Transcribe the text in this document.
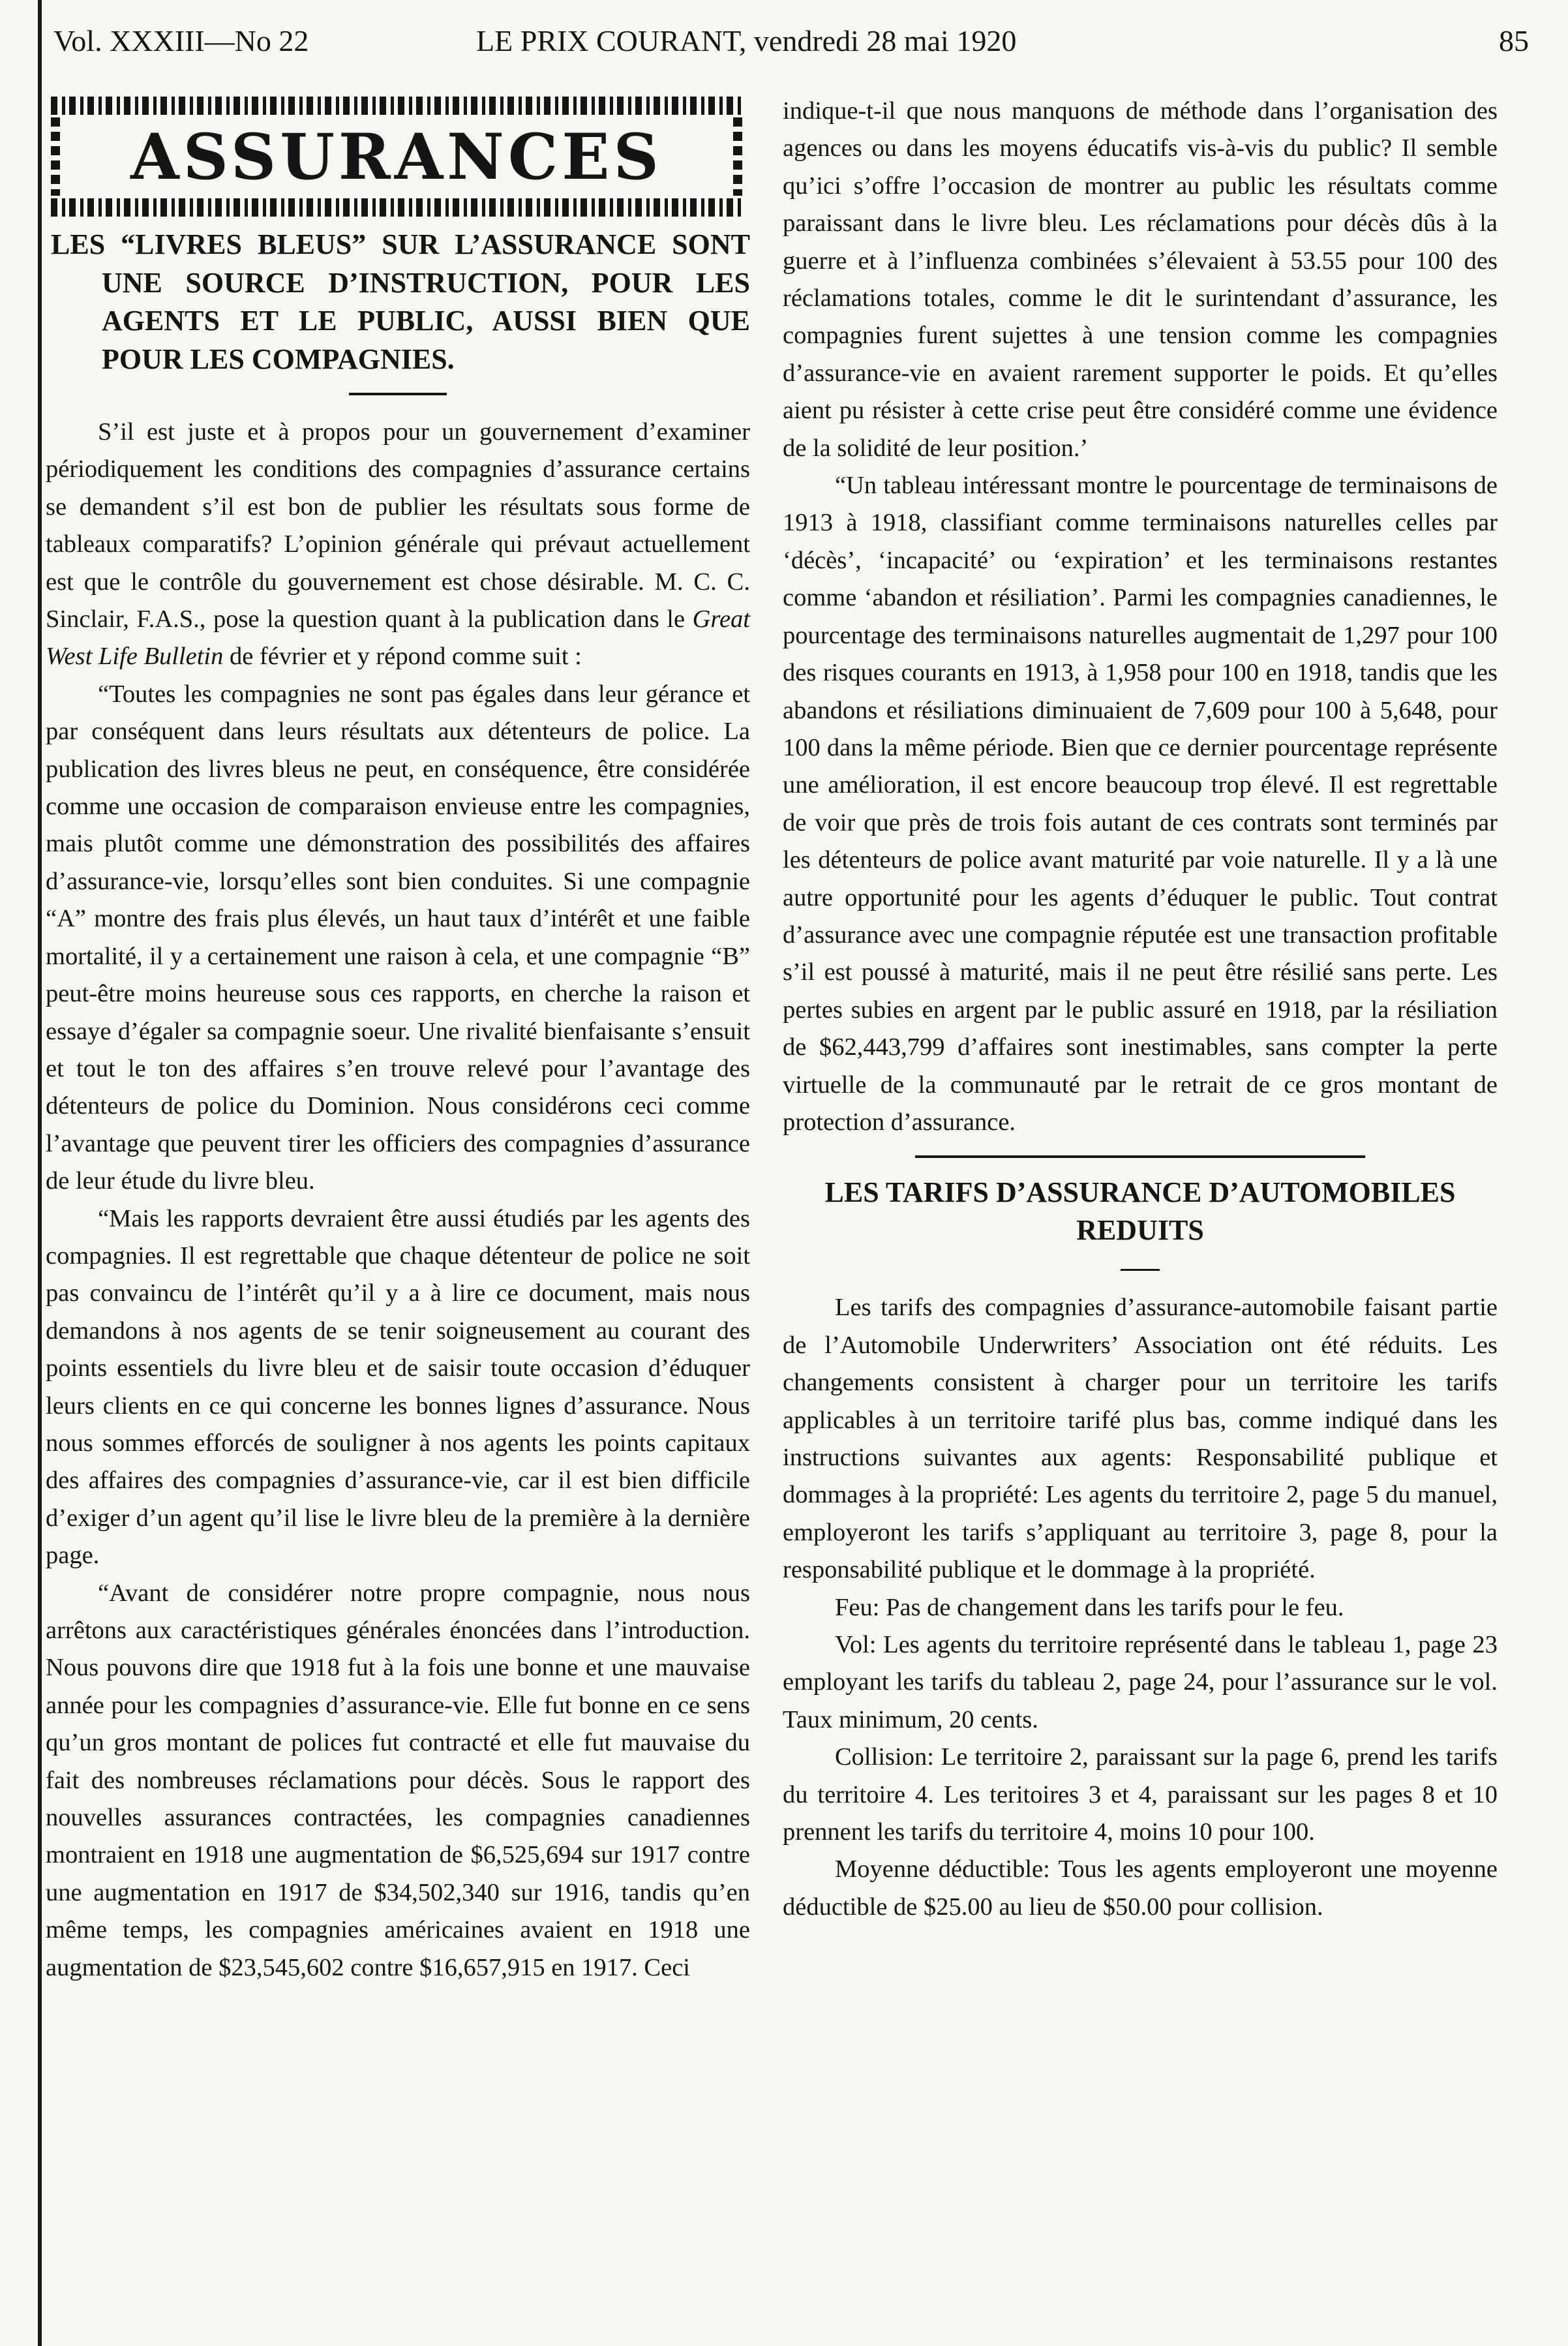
Vol. XXXIII—No 22	LE PRIX COURANT, vendredi 28 mai 1920	85
ASSURANCES
LES “LIVRES BLEUS” SUR L’ASSURANCE SONT UNE SOURCE D’INSTRUCTION, POUR LES AGENTS ET LE PUBLIC, AUSSI BIEN QUE POUR LES COMPAGNIES.

S’il est juste et à propos pour un gouvernement d’examiner périodiquement les conditions des compagnies d’assurance certains se demandent s’il est bon de publier les résultats sous forme de tableaux comparatifs? L’opinion générale qui prévaut actuellement est que le contrôle du gouvernement est chose désirable. M. C. C. Sinclair, F.A.S., pose la question quant à la publication dans le Great West Life Bulletin de février et y répond comme suit :

“Toutes les compagnies ne sont pas égales dans leur gérance et par conséquent dans leurs résultats aux détenteurs de police. La publication des livres bleus ne peut, en conséquence, être considérée comme une occasion de comparaison envieuse entre les compagnies, mais plutôt comme une démonstration des possibilités des affaires d’assurance-vie, lorsqu’elles sont bien conduites. Si une compagnie “A” montre des frais plus élevés, un haut taux d’intérêt et une faible mortalité, il y a certainement une raison à cela, et une compagnie “B” peut-être moins heureuse sous ces rapports, en cherche la raison et essaye d’égaler sa compagnie soeur. Une rivalité bienfaisante s’ensuit et tout le ton des affaires s’en trouve relevé pour l’avantage des détenteurs de police du Dominion. Nous considérons ceci comme l’avantage que peuvent tirer les officiers des compagnies d’assurance de leur étude du livre bleu.

“Mais les rapports devraient être aussi étudiés par les agents des compagnies. Il est regrettable que chaque détenteur de police ne soit pas convaincu de l’intérêt qu’il y a à lire ce document, mais nous demandons à nos agents de se tenir soigneusement au courant des points essentiels du livre bleu et de saisir toute occasion d’éduquer leurs clients en ce qui concerne les bonnes lignes d’assurance. Nous nous sommes efforcés de souligner à nos agents les points capitaux des affaires des compagnies d’assurance-vie, car il est bien difficile d’exiger d’un agent qu’il lise le livre bleu de la première à la dernière page.

“Avant de considérer notre propre compagnie, nous nous arrêtons aux caractéristiques générales énoncées dans l’introduction. Nous pouvons dire que 1918 fut à la fois une bonne et une mauvaise année pour les compagnies d’assurance-vie. Elle fut bonne en ce sens qu’un gros montant de polices fut contracté et elle fut mauvaise du fait des nombreuses réclamations pour décès. Sous le rapport des nouvelles assurances contractées, les compagnies canadiennes montraient en 1918 une augmentation de $6,525,694 sur 1917 contre une augmentation en 1917 de $34,502,340 sur 1916, tandis qu’en même temps, les compagnies américaines avaient en 1918 une augmentation de $23,545,602 contre $16,657,915 en 1917. Ceci

indique-t-il que nous manquons de méthode dans l’organisation des agences ou dans les moyens éducatifs vis-à-vis du public? Il semble qu’ici s’offre l’occasion de montrer au public les résultats comme paraissant dans le livre bleu. Les réclamations pour décès dûs à la guerre et à l’influenza combinées s’élevaient à 53.55 pour 100 des réclamations totales, comme le dit le surintendant d’assurance, les compagnies furent sujettes à une tension comme les compagnies d’assurance-vie en avaient rarement supporter le poids. Et qu’elles aient pu résister à cette crise peut être considéré comme une évidence de la solidité de leur position.’

“Un tableau intéressant montre le pourcentage de terminaisons de 1913 à 1918, classifiant comme terminaisons naturelles celles par ‘décès’, ‘incapacité’ ou ‘expiration’ et les terminaisons restantes comme ‘abandon et résiliation’. Parmi les compagnies canadiennes, le pourcentage des terminaisons naturelles augmentait de 1,297 pour 100 des risques courants en 1913, à 1,958 pour 100 en 1918, tandis que les abandons et résiliations diminuaient de 7,609 pour 100 à 5,648, pour 100 dans la même période. Bien que ce dernier pourcentage représente une amélioration, il est encore beaucoup trop élevé. Il est regrettable de voir que près de trois fois autant de ces contrats sont terminés par les détenteurs de police avant maturité par voie naturelle. Il y a là une autre opportunité pour les agents d’éduquer le public. Tout contrat d’assurance avec une compagnie réputée est une transaction profitable s’il est poussé à maturité, mais il ne peut être résilié sans perte. Les pertes subies en argent par le public assuré en 1918, par la résiliation de $62,443,799 d’affaires sont inestimables, sans compter la perte virtuelle de la communauté par le retrait de ce gros montant de protection d’assurance.

LES TARIFS D’ASSURANCE D’AUTOMOBILES REDUITS

Les tarifs des compagnies d’assurance-automobile faisant partie de l’Automobile Underwriters’ Association ont été réduits. Les changements consistent à charger pour un territoire les tarifs applicables à un territoire tarifé plus bas, comme indiqué dans les instructions suivantes aux agents: Responsabilité publique et dommages à la propriété: Les agents du territoire 2, page 5 du manuel, employeront les tarifs s’appliquant au territoire 3, page 8, pour la responsabilité publique et le dommage à la propriété.

Feu: Pas de changement dans les tarifs pour le feu.

Vol: Les agents du territoire représenté dans le tableau 1, page 23 employant les tarifs du tableau 2, page 24, pour l’assurance sur le vol. Taux minimum, 20 cents.

Collision: Le territoire 2, paraissant sur la page 6, prend les tarifs du territoire 4. Les teritoires 3 et 4, paraissant sur les pages 8 et 10 prennent les tarifs du territoire 4, moins 10 pour 100.

Moyenne déductible: Tous les agents employeront une moyenne déductible de $25.00 au lieu de $50.00 pour collision.
